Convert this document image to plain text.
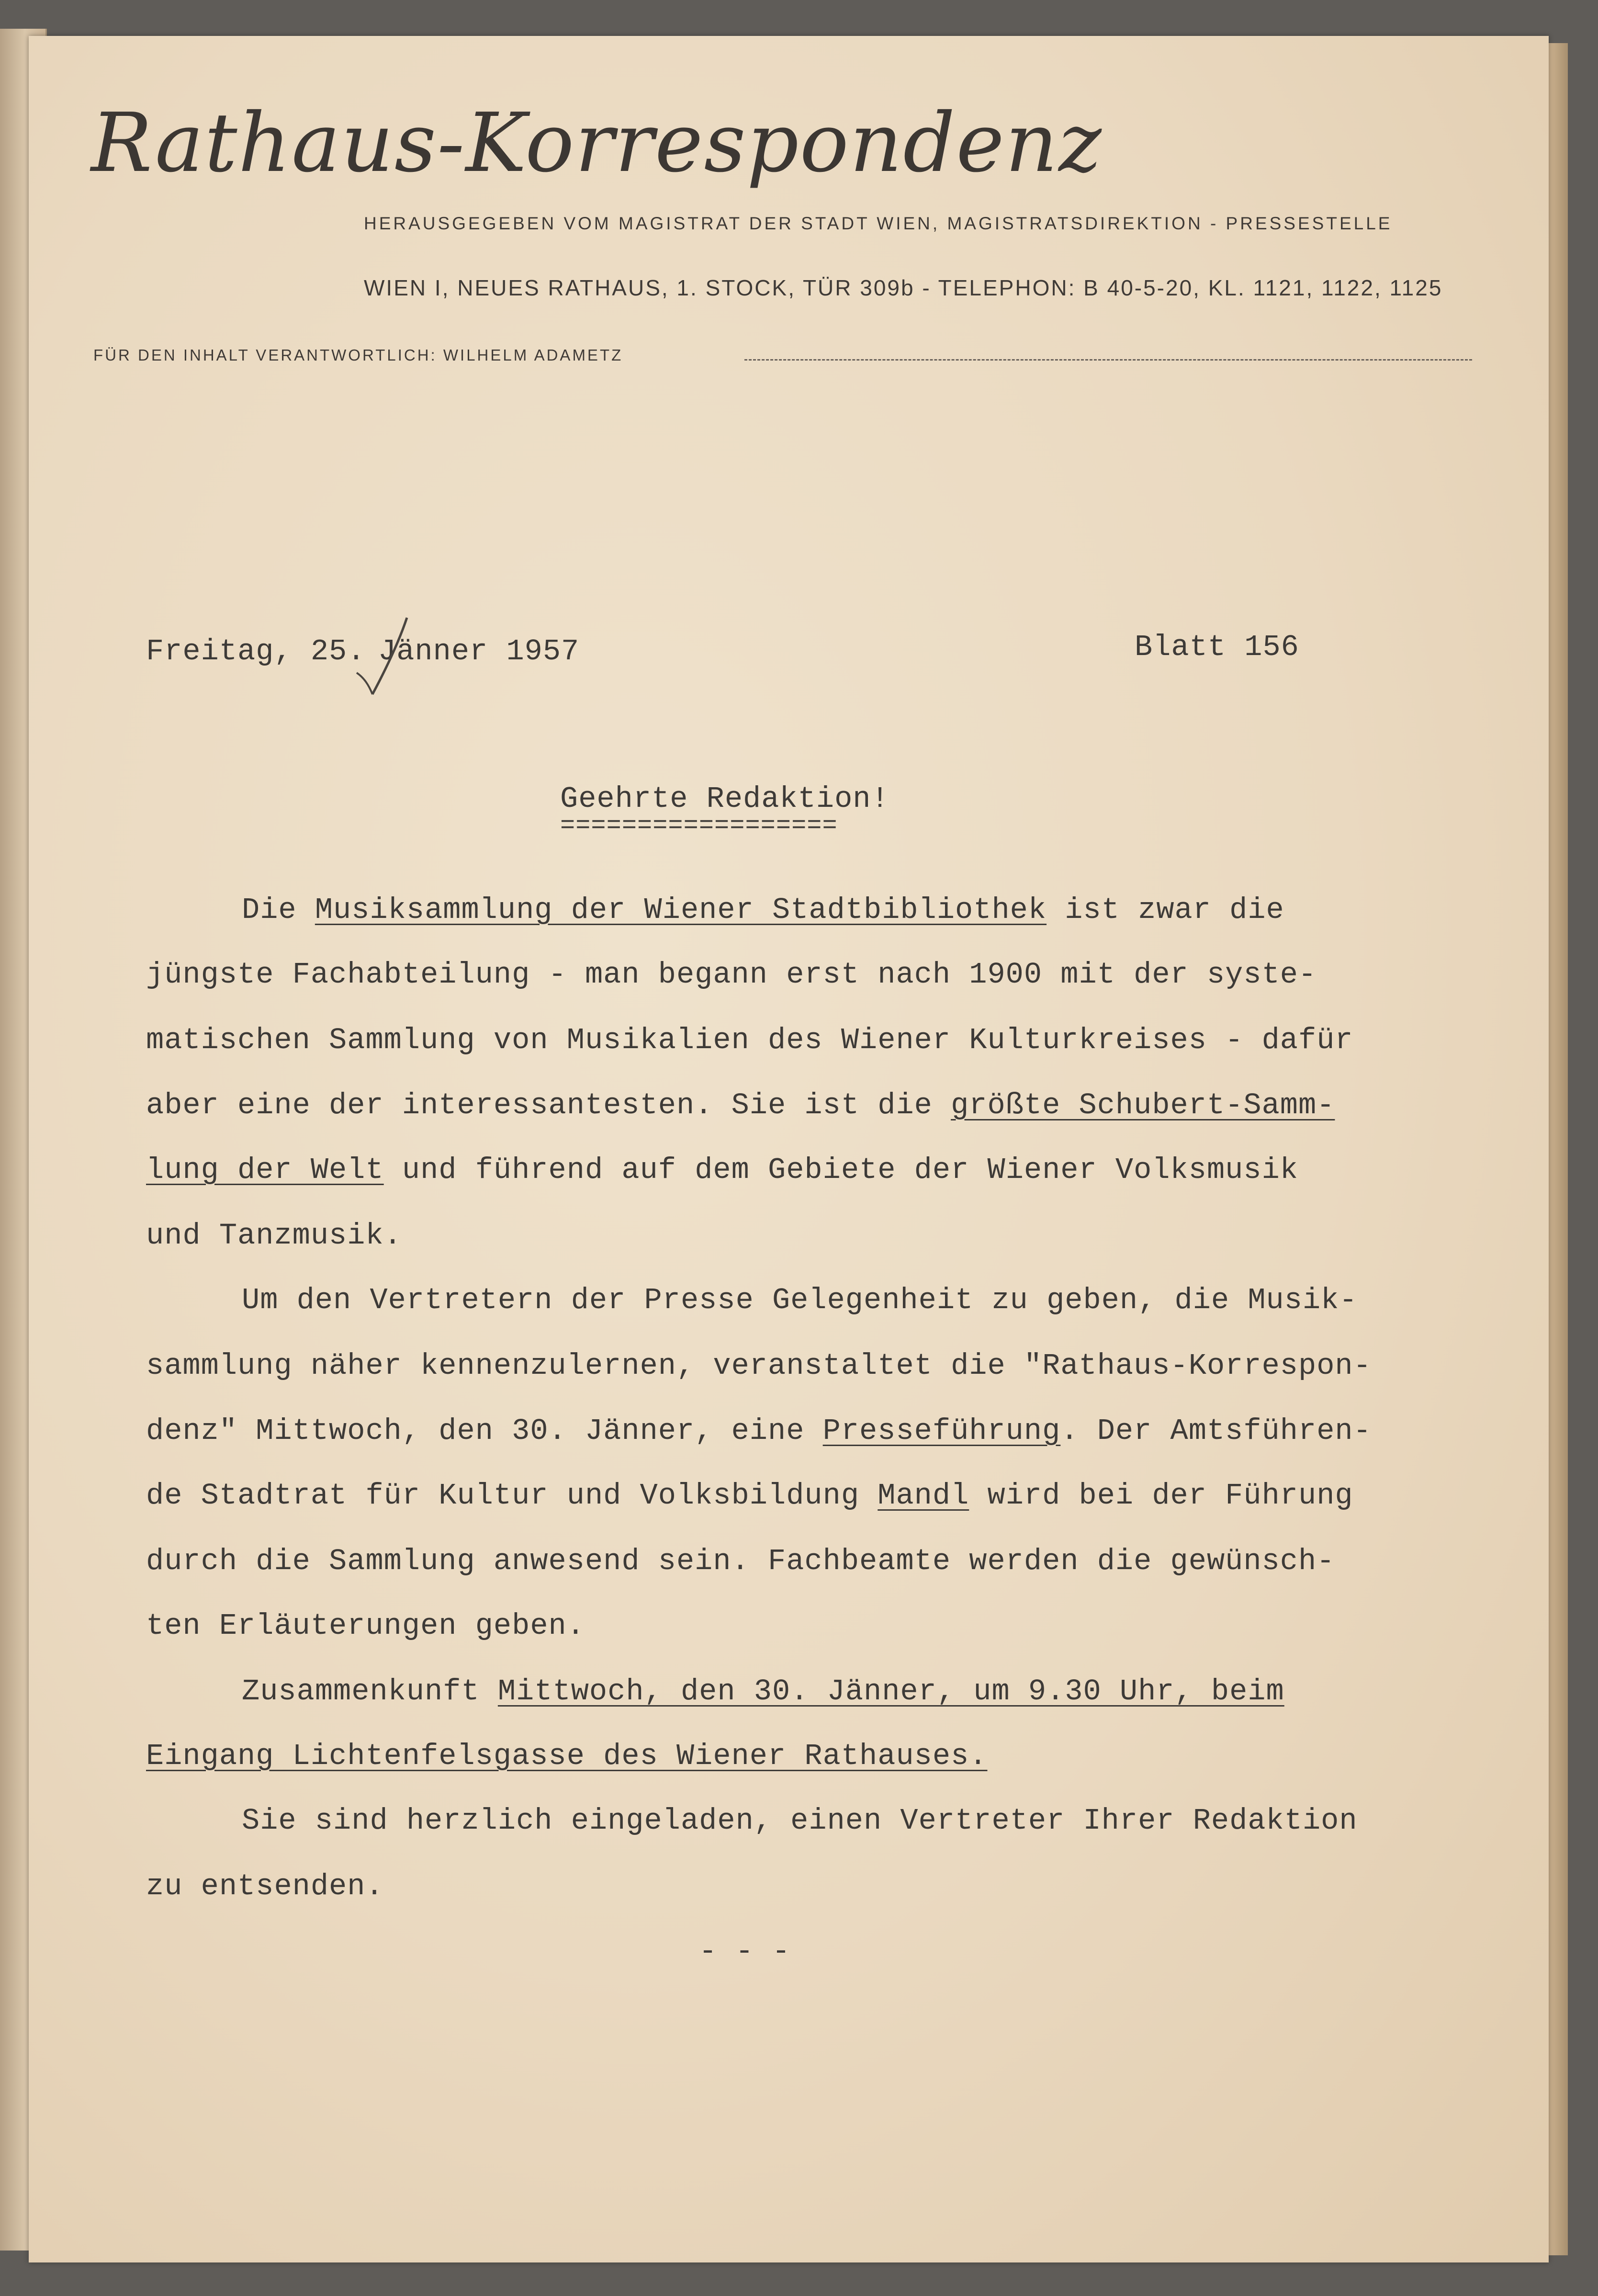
Rathaus-Korrespondenz
HERAUSGEGEBEN VOM MAGISTRAT DER STADT WIEN, MAGISTRATSDIREKTION - PRESSESTELLE
WIEN I, NEUES RATHAUS, 1. STOCK, TÜR 309b - TELEPHON: B 40-5-20, KL. 1121, 1122, 1125
FÜR DEN INHALT VERANTWORTLICH: WILHELM ADAMETZ
Freitag, 25. Jänner 1957	Blatt 156
Geehrte Redaktion!
==================
Die Musiksammlung der Wiener Stadtbibliothek ist zwar die
jüngste Fachabteilung - man begann erst nach 1900 mit der syste-
matischen Sammlung von Musikalien des Wiener Kulturkreises - dafür
aber eine der interessantesten. Sie ist die größte Schubert-Samm-
lung der Welt und führend auf dem Gebiete der Wiener Volksmusik
und Tanzmusik.
Um den Vertretern der Presse Gelegenheit zu geben, die Musik-
sammlung näher kennenzulernen, veranstaltet die "Rathaus-Korrespon-
denz" Mittwoch, den 30. Jänner, eine Presseführung. Der Amtsführen-
de Stadtrat für Kultur und Volksbildung Mandl wird bei der Führung
durch die Sammlung anwesend sein. Fachbeamte werden die gewünsch-
ten Erläuterungen geben.
Zusammenkunft Mittwoch, den 30. Jänner, um 9.30 Uhr, beim
Eingang Lichtenfelsgasse des Wiener Rathauses.
Sie sind herzlich eingeladen, einen Vertreter Ihrer Redaktion
zu entsenden.
- - -
